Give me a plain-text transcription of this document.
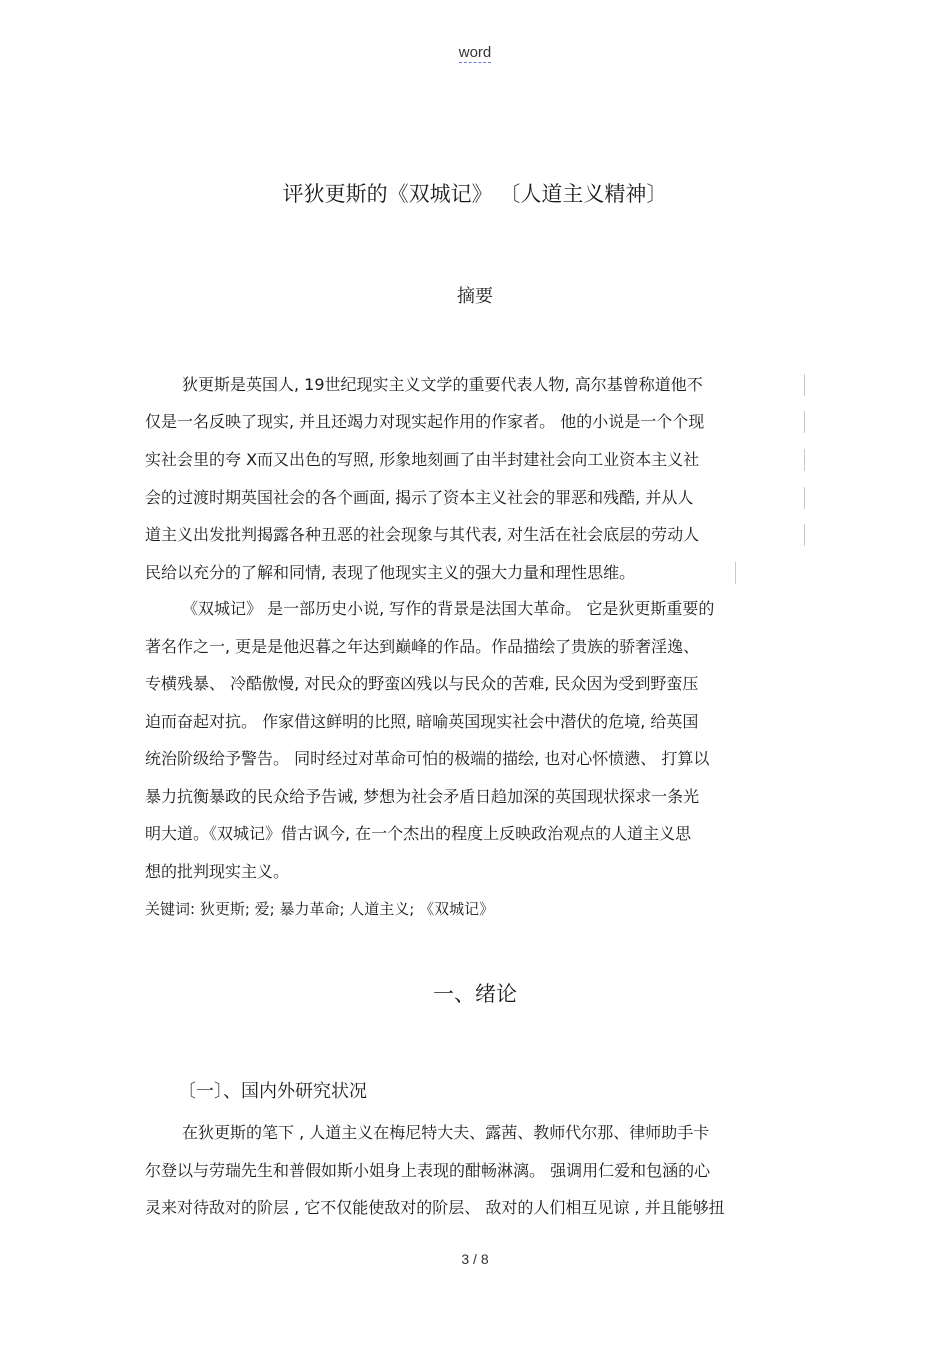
word
评狄更斯的《双城记》 〔人道主义精神〕
摘要
狄更斯是英国人, 19世纪现实主义文学的重要代表人物, 高尔基曾称道他不
仅是一名反映了现实, 并且还竭力对现实起作用的作家者。 他的小说是一个个现
实社会里的夸 X而又出色的写照, 形象地刻画了由半封建社会向工业资本主义社
会的过渡时期英国社会的各个画面, 揭示了资本主义社会的罪恶和残酷, 并从人
道主义出发批判揭露各种丑恶的社会现象与其代表, 对生活在社会底层的劳动人
民给以充分的了解和同情, 表现了他现实主义的强大力量和理性思维。
《双城记》 是一部历史小说, 写作的背景是法国大革命。 它是狄更斯重要的
著名作之一, 更是是他迟暮之年达到巅峰的作品。作品描绘了贵族的骄奢淫逸、
专横残暴、 冷酷傲慢, 对民众的野蛮凶残以与民众的苦难, 民众因为受到野蛮压
迫而奋起对抗。 作家借这鲜明的比照, 暗喻英国现实社会中潜伏的危境, 给英国
统治阶级给予警告。 同时经过对革命可怕的极端的描绘, 也对心怀愤懑、 打算以
暴力抗衡暴政的民众给予告诫, 梦想为社会矛盾日趋加深的英国现状探求一条光
明大道。《双城记》借古讽今, 在一个杰出的程度上反映政治观点的人道主义思
想的批判现实主义。
关键词: 狄更斯; 爱; 暴力革命; 人道主义; 《双城记》
一、绪论
〔一〕、国内外研究状况
在狄更斯的笔下 , 人道主义在梅尼特大夫、露茜、教师代尔那、律师助手卡
尔登以与劳瑞先生和普假如斯小姐身上表现的酣畅淋漓。 强调用仁爱和包涵的心
灵来对待敌对的阶层 , 它不仅能使敌对的阶层、 敌对的人们相互见谅 , 并且能够扭
3 / 8
